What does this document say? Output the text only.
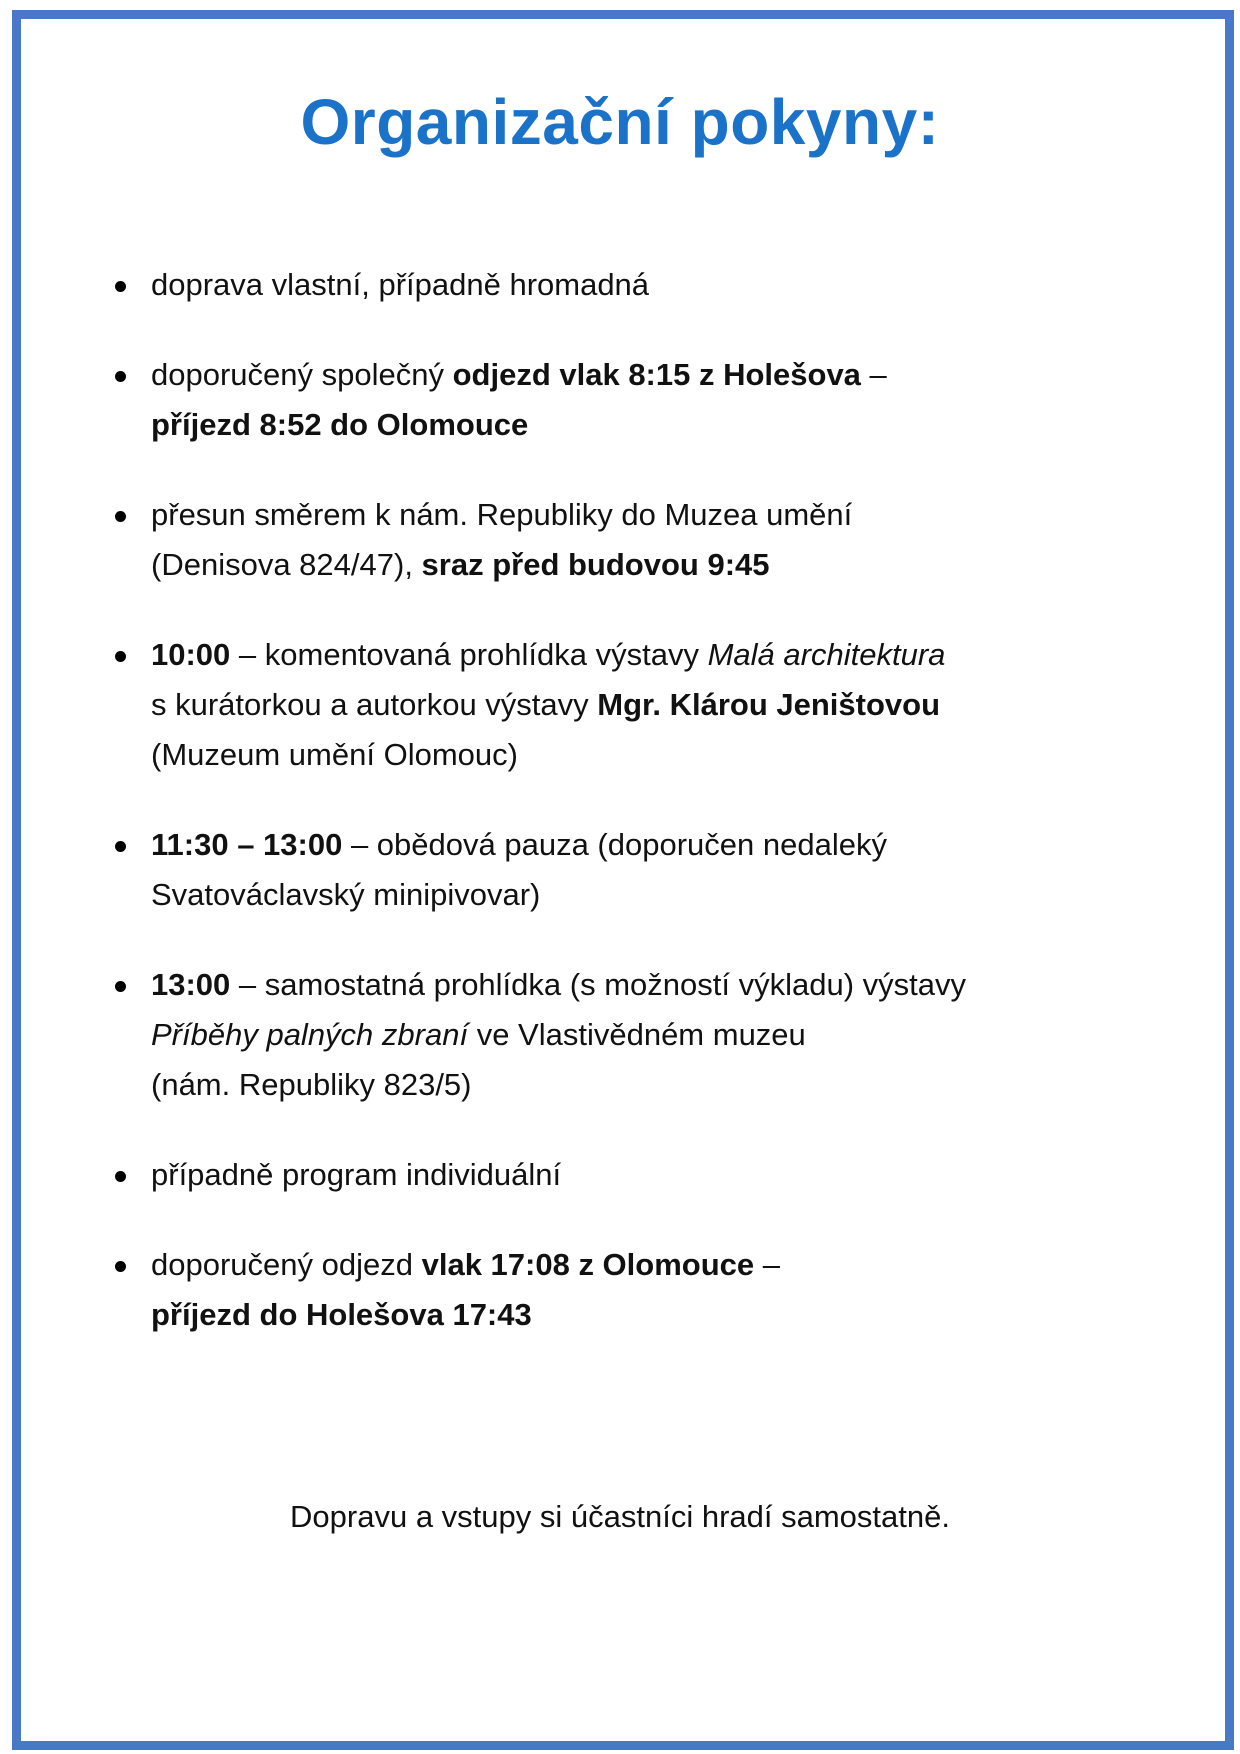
Organizační pokyny:
doprava vlastní, případně hromadná
doporučený společný odjezd vlak 8:15 z Holešova –
příjezd 8:52 do Olomouce
přesun směrem k nám. Republiky do Muzea umění
(Denisova 824/47), sraz před budovou 9:45
10:00 – komentovaná prohlídka výstavy Malá architektura
s kurátorkou a autorkou výstavy Mgr. Klárou Jeništovou
(Muzeum umění Olomouc)
11:30 – 13:00 – obědová pauza (doporučen nedaleký
Svatováclavský minipivovar)
13:00 – samostatná prohlídka (s možností výkladu) výstavy
Příběhy palných zbraní ve Vlastivědném muzeu
(nám. Republiky 823/5)
případně program individuální
doporučený odjezd vlak 17:08 z Olomouce –
příjezd do Holešova 17:43
Dopravu a vstupy si účastníci hradí samostatně.
